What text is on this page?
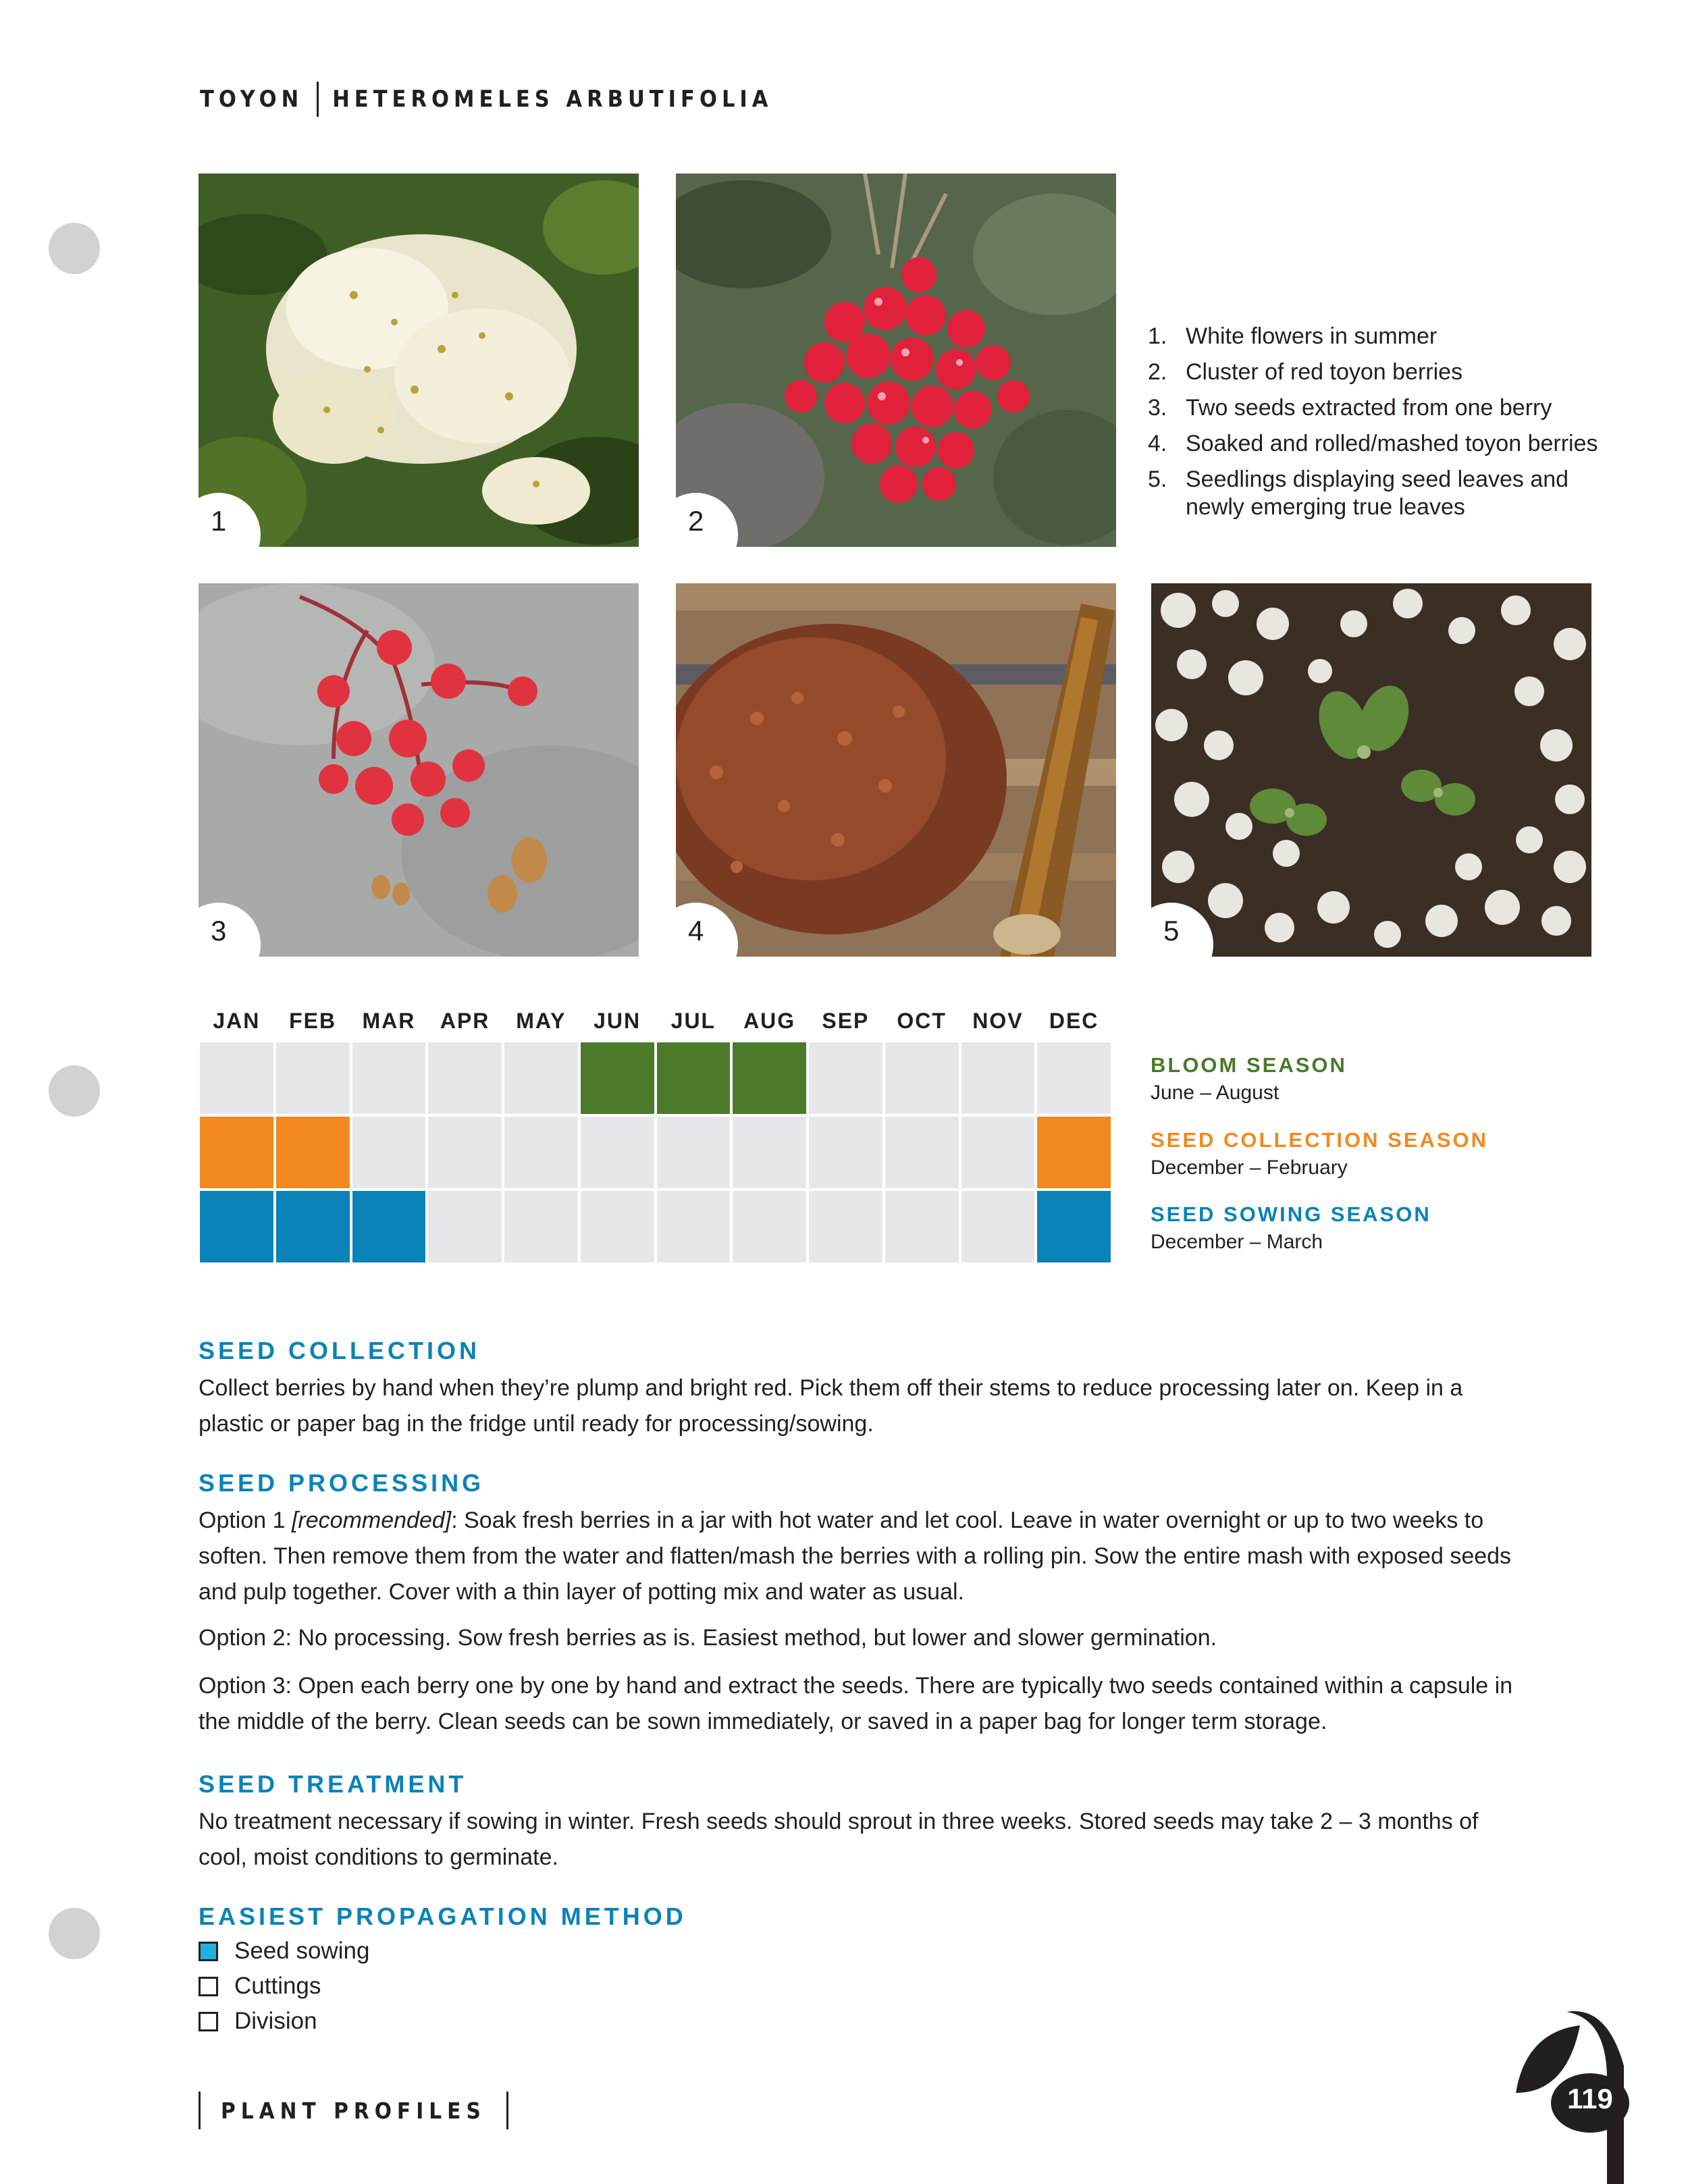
TOYON HETEROMELES ARBUTIFOLIA
1	2
3	4	5
1. White flowers in summer
2. Cluster of red toyon berries
3. Two seeds extracted from one berry
4. Soaked and rolled/mashed toyon berries
5. Seedlings displaying seed leaves and newly emerging true leaves
JAN	FEB	MAR	APR	MAY	JUN	JUL	AUG	SEP	OCT	NOV	DEC
BLOOM SEASON
June – August
SEED COLLECTION SEASON
December – February
SEED SOWING SEASON
December – March
SEED COLLECTION
Collect berries by hand when they’re plump and bright red. Pick them off their stems to reduce processing later on. Keep in a plastic or paper bag in the fridge until ready for processing/sowing.
SEED PROCESSING
Option 1 [recommended]: Soak fresh berries in a jar with hot water and let cool. Leave in water overnight or up to two weeks to soften. Then remove them from the water and flatten/mash the berries with a rolling pin. Sow the entire mash with exposed seeds and pulp together. Cover with a thin layer of potting mix and water as usual.
Option 2: No processing. Sow fresh berries as is. Easiest method, but lower and slower germination.
Option 3: Open each berry one by one by hand and extract the seeds. There are typically two seeds contained within a capsule in the middle of the berry. Clean seeds can be sown immediately, or saved in a paper bag for longer term storage.
SEED TREATMENT
No treatment necessary if sowing in winter. Fresh seeds should sprout in three weeks. Stored seeds may take 2 – 3 months of cool, moist conditions to germinate.
EASIEST PROPAGATION METHOD
Seed sowing
Cuttings
Division
PLANT PROFILES	119
